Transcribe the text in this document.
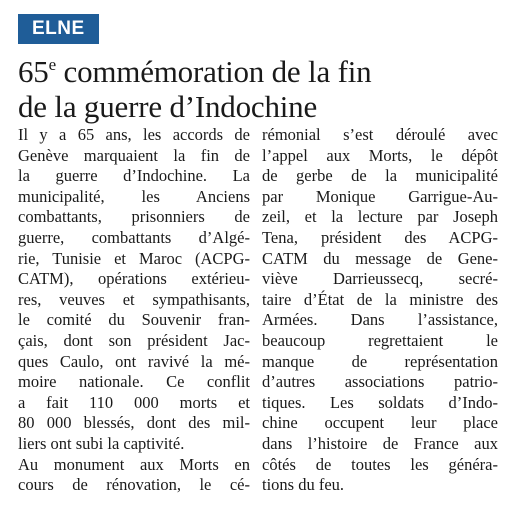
ELNE
65e commémoration de la fin
de la guerre d’Indochine
Il y a 65 ans, les accords de
Genève marquaient la fin de
la guerre d’Indochine. La
municipalité, les Anciens
combattants, prisonniers de
guerre, combattants d’Algé-
rie, Tunisie et Maroc (ACPG-
CATM), opérations extérieu-
res, veuves et sympathisants,
le comité du Souvenir fran-
çais, dont son président Jac-
ques Caulo, ont ravivé la mé-
moire nationale. Ce conflit
a fait 110 000 morts et
80 000 blessés, dont des mil-
liers ont subi la captivité.
Au monument aux Morts en
cours de rénovation, le cé-
rémonial s’est déroulé avec
l’appel aux Morts, le dépôt
de gerbe de la municipalité
par Monique Garrigue-Au-
zeil, et la lecture par Joseph
Tena, président des ACPG-
CATM du message de Gene-
viève Darrieussecq, secré-
taire d’État de la ministre des
Armées. Dans l’assistance,
beaucoup regrettaient le
manque de représentation
d’autres associations patrio-
tiques. Les soldats d’Indo-
chine occupent leur place
dans l’histoire de France aux
côtés de toutes les généra-
tions du feu.
